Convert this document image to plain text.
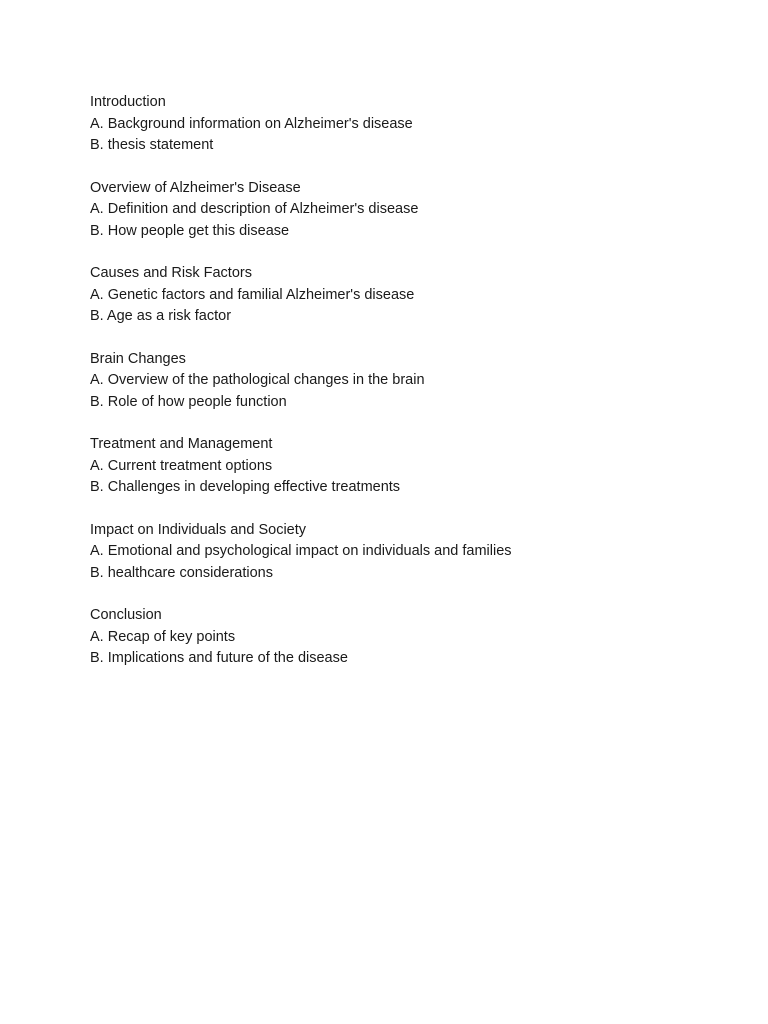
Introduction
A. Background information on Alzheimer's disease
B. thesis statement
Overview of Alzheimer's Disease
A. Definition and description of Alzheimer's disease
B. How people get this disease
Causes and Risk Factors
A. Genetic factors and familial Alzheimer's disease
B. Age as a risk factor
Brain Changes
A. Overview of the pathological changes in the brain
B. Role of how people function
Treatment and Management
A. Current treatment options
B. Challenges in developing effective treatments
Impact on Individuals and Society
A. Emotional and psychological impact on individuals and families
B. healthcare considerations
Conclusion
A. Recap of key points
B. Implications and future of the disease
